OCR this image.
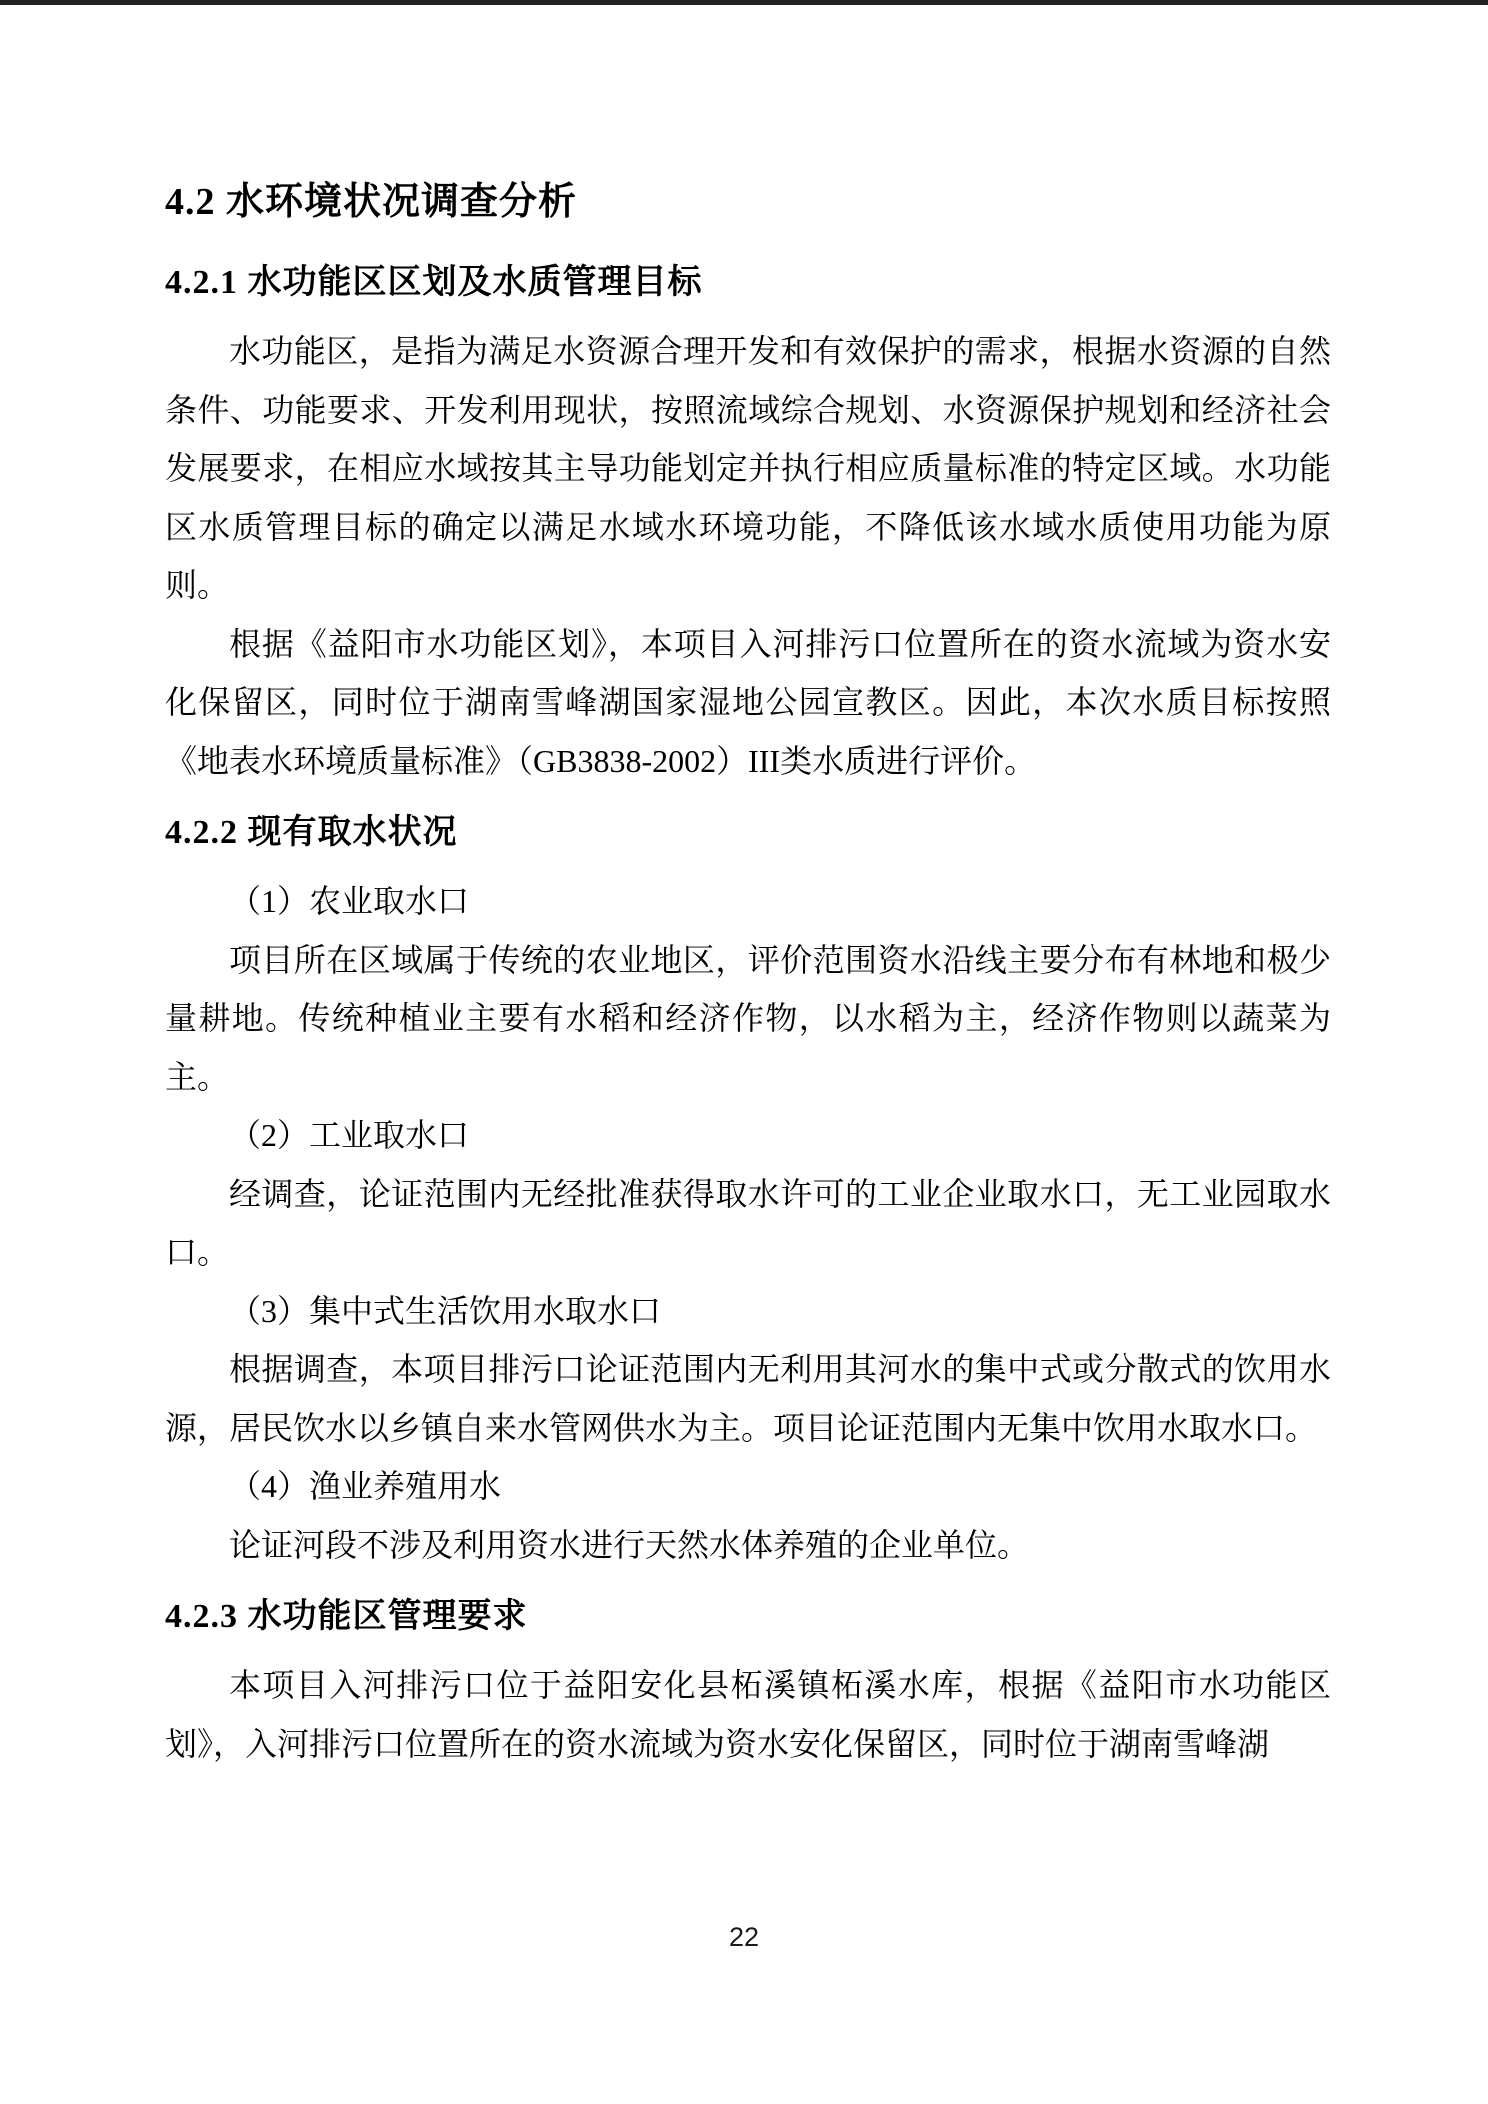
4.2 水环境状况调查分析
4.2.1 水功能区区划及水质管理目标

水功能区，是指为满足水资源合理开发和有效保护的需求，根据水资源的自然条件、功能要求、开发利用现状，按照流域综合规划、水资源保护规划和经济社会发展要求，在相应水域按其主导功能划定并执行相应质量标准的特定区域。水功能区水质管理目标的确定以满足水域水环境功能，不降低该水域水质使用功能为原则。

根据《益阳市水功能区划》，本项目入河排污口位置所在的资水流域为资水安化保留区，同时位于湖南雪峰湖国家湿地公园宣教区。因此，本次水质目标按照《地表水环境质量标准》（GB3838-2002）III类水质进行评价。

4.2.2 现有取水状况

（1）农业取水口

项目所在区域属于传统的农业地区，评价范围资水沿线主要分布有林地和极少量耕地。传统种植业主要有水稻和经济作物，以水稻为主，经济作物则以蔬菜为主。

（2）工业取水口

经调查，论证范围内无经批准获得取水许可的工业企业取水口，无工业园取水口。

（3）集中式生活饮用水取水口

根据调查，本项目排污口论证范围内无利用其河水的集中式或分散式的饮用水源，居民饮水以乡镇自来水管网供水为主。项目论证范围内无集中饮用水取水口。

（4）渔业养殖用水

论证河段不涉及利用资水进行天然水体养殖的企业单位。

4.2.3 水功能区管理要求

本项目入河排污口位于益阳安化县柘溪镇柘溪水库，根据《益阳市水功能区划》，入河排污口位置所在的资水流域为资水安化保留区，同时位于湖南雪峰湖

22
